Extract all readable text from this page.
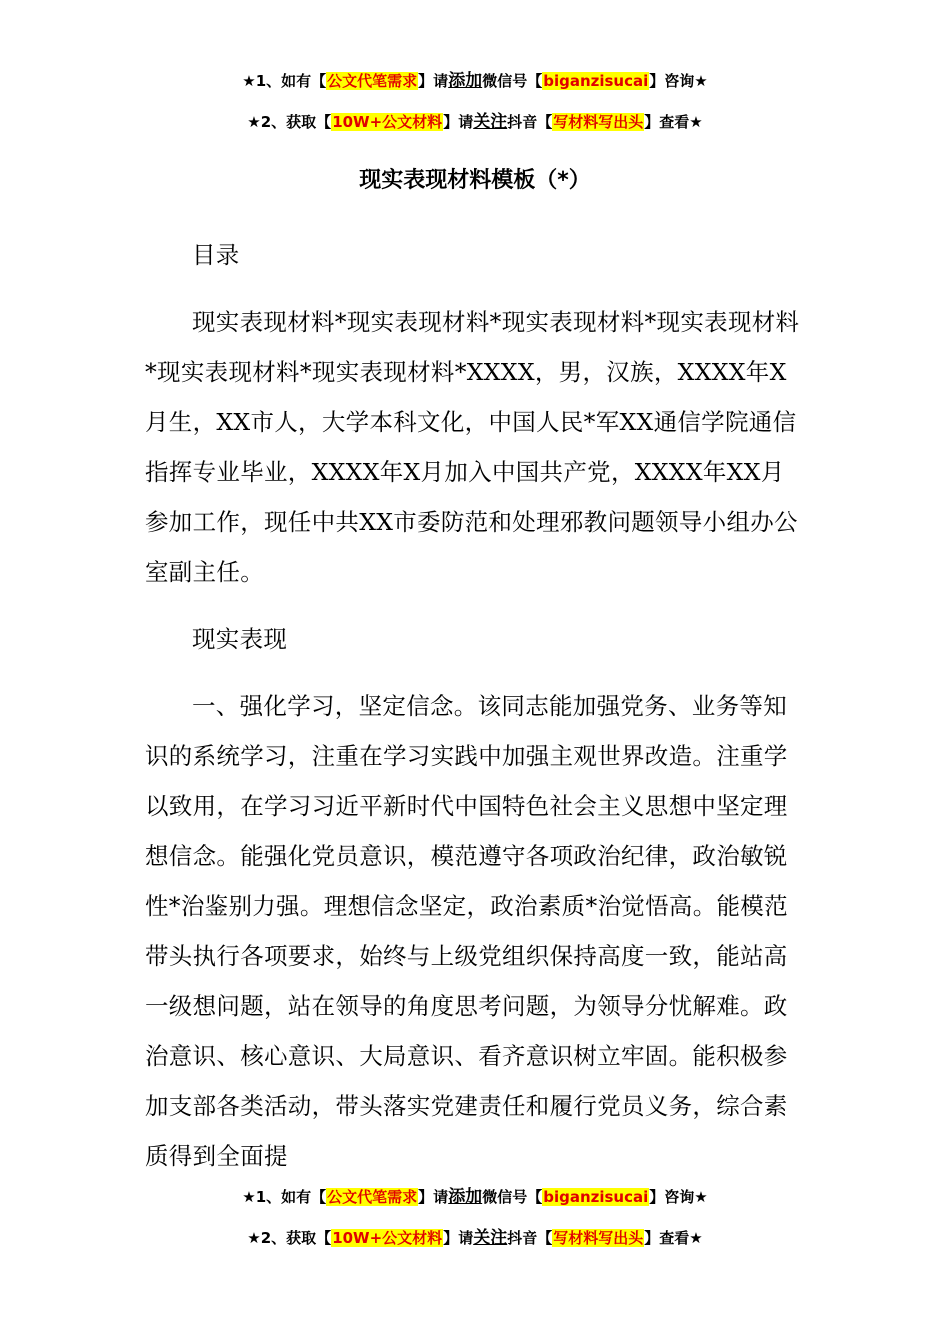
★1、如有【公文代笔需求】请添加微信号【biganzisucai】咨询★
★2、获取【10W+公文材料】请关注抖音【写材料写出头】查看★
现实表现材料模板（*）

目录

现实表现材料*现实表现材料*现实表现材料*现实表现材料*现实表现材料*现实表现材料*XXXX，男，汉族，XXXX年X月生，XX市人，大学本科文化，中国人民*军XX通信学院通信指挥专业毕业，XXXX年X月加入中国共产党，XXXX年XX月参加工作，现任中共XX市委防范和处理邪教问题领导小组办公室副主任。

现实表现

一、强化学习，坚定信念。该同志能加强党务、业务等知识的系统学习，注重在学习实践中加强主观世界改造。注重学以致用，在学习习近平新时代中国特色社会主义思想中坚定理想信念。能强化党员意识，模范遵守各项政治纪律，政治敏锐性*治鉴别力强。理想信念坚定，政治素质*治觉悟高。能模范带头执行各项要求，始终与上级党组织保持高度一致，能站高一级想问题，站在领导的角度思考问题，为领导分忧解难。政治意识、核心意识、大局意识、看齐意识树立牢固。能积极参加支部各类活动，带头落实党建责任和履行党员义务，综合素质得到全面提

★1、如有【公文代笔需求】请添加微信号【biganzisucai】咨询★
★2、获取【10W+公文材料】请关注抖音【写材料写出头】查看★
